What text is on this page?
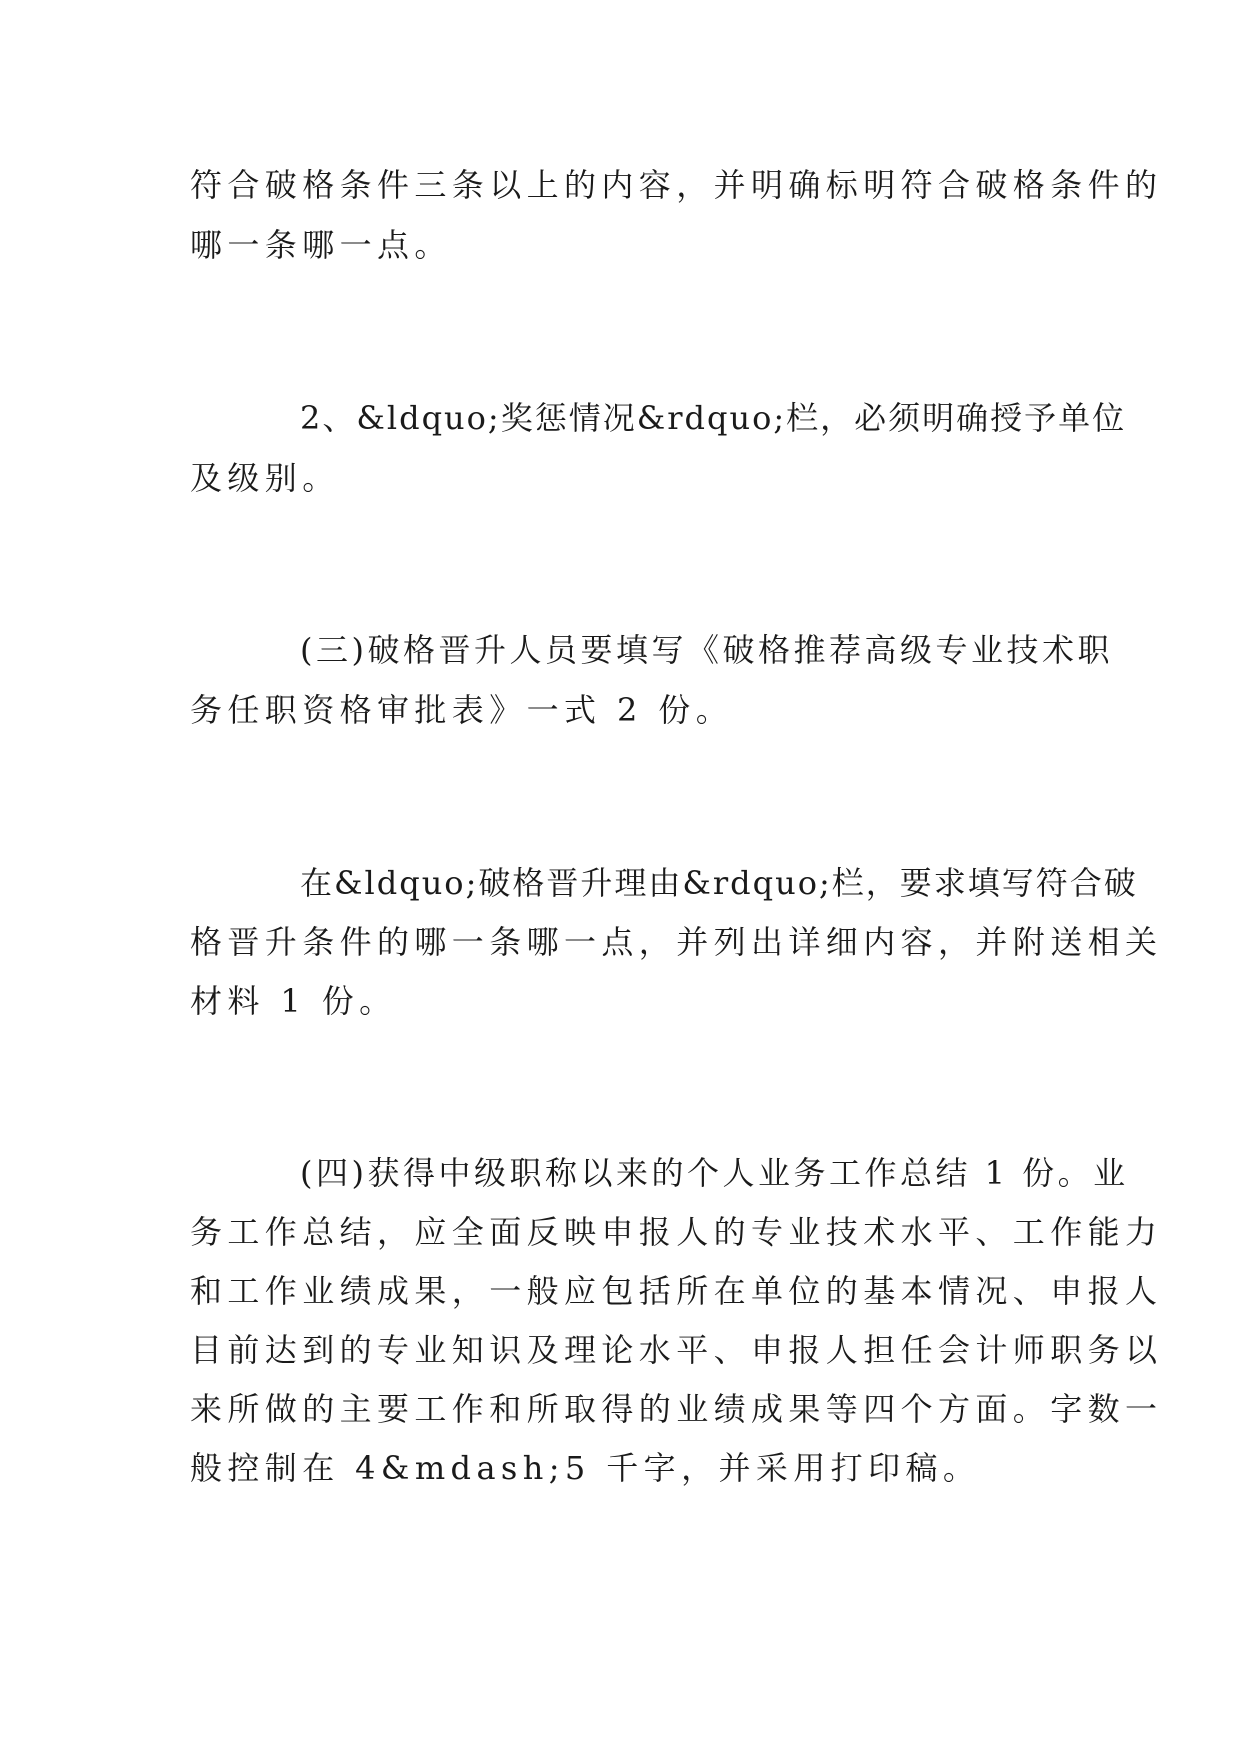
符合破格条件三条以上的内容，并明确标明符合破格条件的

哪一条哪一点。

2、&ldquo;奖惩情况&rdquo;栏，必须明确授予单位

及级别。

(三)破格晋升人员要填写《破格推荐高级专业技术职

务任职资格审批表》一式 2 份。

在&ldquo;破格晋升理由&rdquo;栏，要求填写符合破

格晋升条件的哪一条哪一点，并列出详细内容，并附送相关

材料 1 份。

(四)获得中级职称以来的个人业务工作总结 1 份。业

务工作总结，应全面反映申报人的专业技术水平、工作能力

和工作业绩成果，一般应包括所在单位的基本情况、申报人

目前达到的专业知识及理论水平、申报人担任会计师职务以

来所做的主要工作和所取得的业绩成果等四个方面。字数一

般控制在 4&mdash;5 千字，并采用打印稿。
